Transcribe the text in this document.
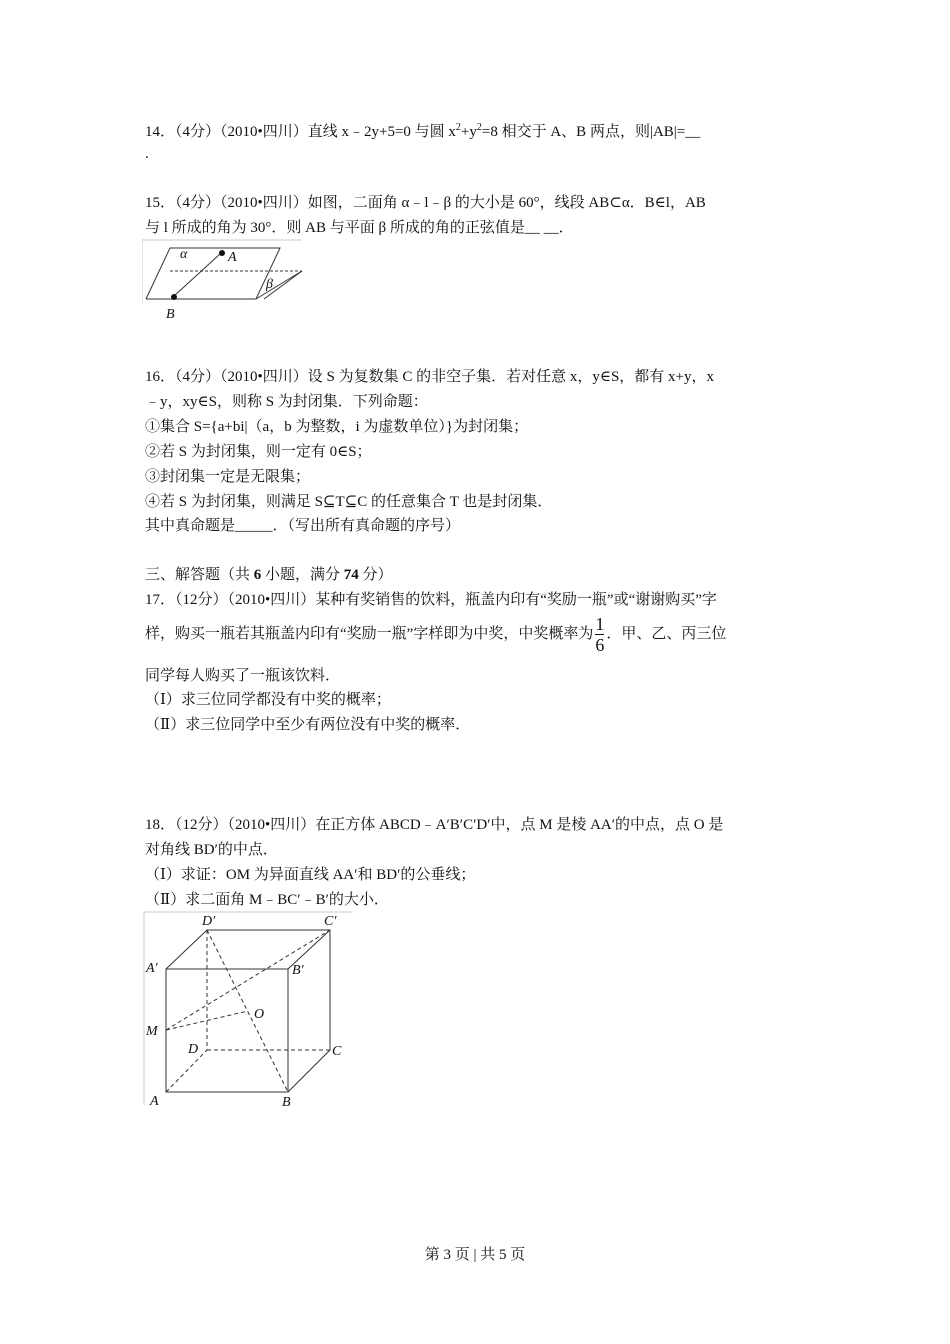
14．（4分）（2010•四川）直线 x﹣2y+5=0 与圆 $x^2+y^2=8$ 相交于 A、B 两点，则|AB|=__
.
15．（4分）（2010•四川）如图，二面角 α﹣l﹣β 的大小是 60°，线段 AB⊂α．B∈l，AB
与 l 所成的角为 30°．则 AB 与平面 β 所成的角的正弦值是__ __．
α	A
β
B
16．（4分）（2010•四川）设 S 为复数集 C 的非空子集．若对任意 x，y∈S，都有 x+y，x
﹣y，xy∈S，则称 S 为封闭集．下列命题：
①集合 S={a+bi|（a，b 为整数，i 为虚数单位）}为封闭集；
②若 S 为封闭集，则一定有 0∈S；
③封闭集一定是无限集；
④若 S 为封闭集，则满足 S⊆T⊆C 的任意集合 T 也是封闭集．
其中真命题是_____．（写出所有真命题的序号）
三、解答题（共 6 小题，满分 74 分）
17．（12分）（2010•四川）某种有奖销售的饮料，瓶盖内印有“奖励一瓶”或“谢谢购买”字
样，购买一瓶若其瓶盖内印有“奖励一瓶”字样即为中奖，中奖概率为 $\frac{1}{6}$ ．甲、乙、丙三位
同学每人购买了一瓶该饮料．
（Ⅰ）求三位同学都没有中奖的概率；
（Ⅱ）求三位同学中至少有两位没有中奖的概率．
18．（12分）（2010•四川）在正方体 ABCD﹣A′B′C′D′中，点 M 是棱 AA′的中点，点 O 是
对角线 BD′的中点．
（Ⅰ）求证：OM 为异面直线 AA′和 BD′的公垂线；
（Ⅱ）求二面角 M﹣BC′﹣B′的大小．
D′	C′
A′	B′
M
O
D	C
A	B
第 3 页 | 共 5 页
